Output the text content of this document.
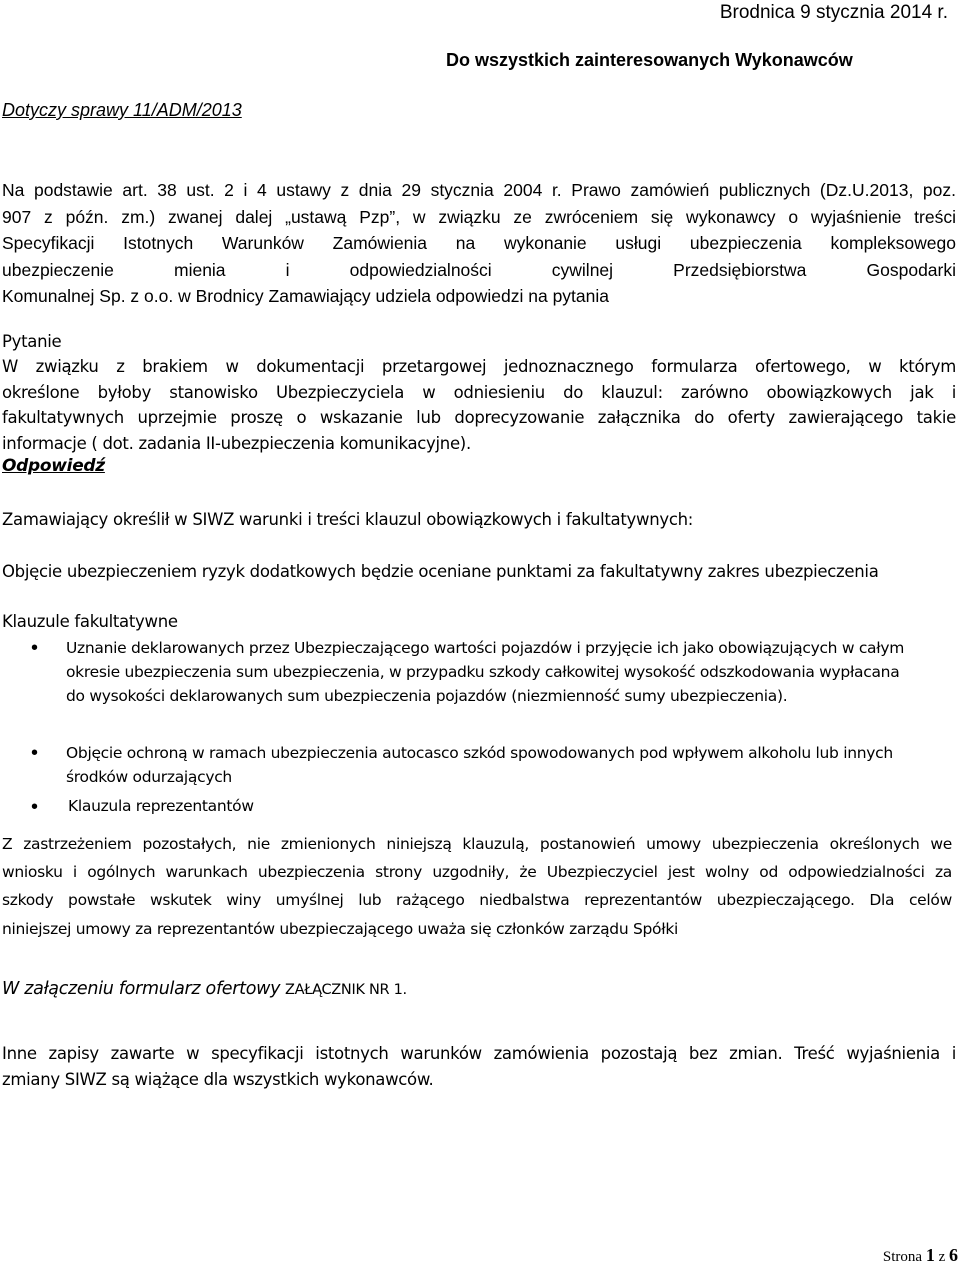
Brodnica 9 stycznia 2014 r.
Do wszystkich zainteresowanych Wykonawców
Dotyczy sprawy 11/ADM/2013
Na podstawie art. 38 ust. 2 i 4 ustawy z dnia 29 stycznia 2004 r. Prawo zamówień publicznych (Dz.U.2013, poz.
907 z późn. zm.) zwanej dalej „ustawą Pzp”, w związku ze zwróceniem się wykonawcy o wyjaśnienie treści
Specyfikacji Istotnych Warunków Zamówienia na wykonanie usługi ubezpieczenia kompleksowego
ubezpieczenie mienia i odpowiedzialności cywilnej Przedsiębiorstwa Gospodarki
Komunalnej Sp. z o.o. w Brodnicy Zamawiający udziela odpowiedzi na pytania
Pytanie
W związku z brakiem w dokumentacji przetargowej jednoznacznego formularza ofertowego, w którym
określone byłoby stanowisko Ubezpieczyciela w odniesieniu do klauzul: zarówno obowiązkowych jak i
fakultatywnych uprzejmie proszę o wskazanie lub doprecyzowanie załącznika do oferty zawierającego takie
informacje ( dot. zadania II-ubezpieczenia komunikacyjne).
Odpowiedź
Zamawiający określił w SIWZ warunki i treści klauzul obowiązkowych i fakultatywnych:
Objęcie ubezpieczeniem ryzyk dodatkowych będzie oceniane punktami za fakultatywny zakres ubezpieczenia
Klauzule fakultatywne
• Uznanie deklarowanych przez Ubezpieczającego wartości pojazdów i przyjęcie ich jako obowiązujących w całym
okresie ubezpieczenia sum ubezpieczenia, w przypadku szkody całkowitej wysokość odszkodowania wypłacana
do wysokości deklarowanych sum ubezpieczenia pojazdów (niezmienność sumy ubezpieczenia).
• Objęcie ochroną w ramach ubezpieczenia autocasco szkód spowodowanych pod wpływem alkoholu lub innych
środków odurzających
• Klauzula reprezentantów
Z zastrzeżeniem pozostałych, nie zmienionych niniejszą klauzulą, postanowień umowy ubezpieczenia określonych we
wniosku i ogólnych warunkach ubezpieczenia strony uzgodniły, że Ubezpieczyciel jest wolny od odpowiedzialności za
szkody powstałe wskutek winy umyślnej lub rażącego niedbalstwa reprezentantów ubezpieczającego. Dla celów
niniejszej umowy za reprezentantów ubezpieczającego uważa się członków zarządu Spółki
W załączeniu formularz ofertowy ZAŁĄCZNIK NR 1.
Inne zapisy zawarte w specyfikacji istotnych warunków zamówienia pozostają bez zmian. Treść wyjaśnienia i
zmiany SIWZ są wiążące dla wszystkich wykonawców.
Strona 1 z 6
